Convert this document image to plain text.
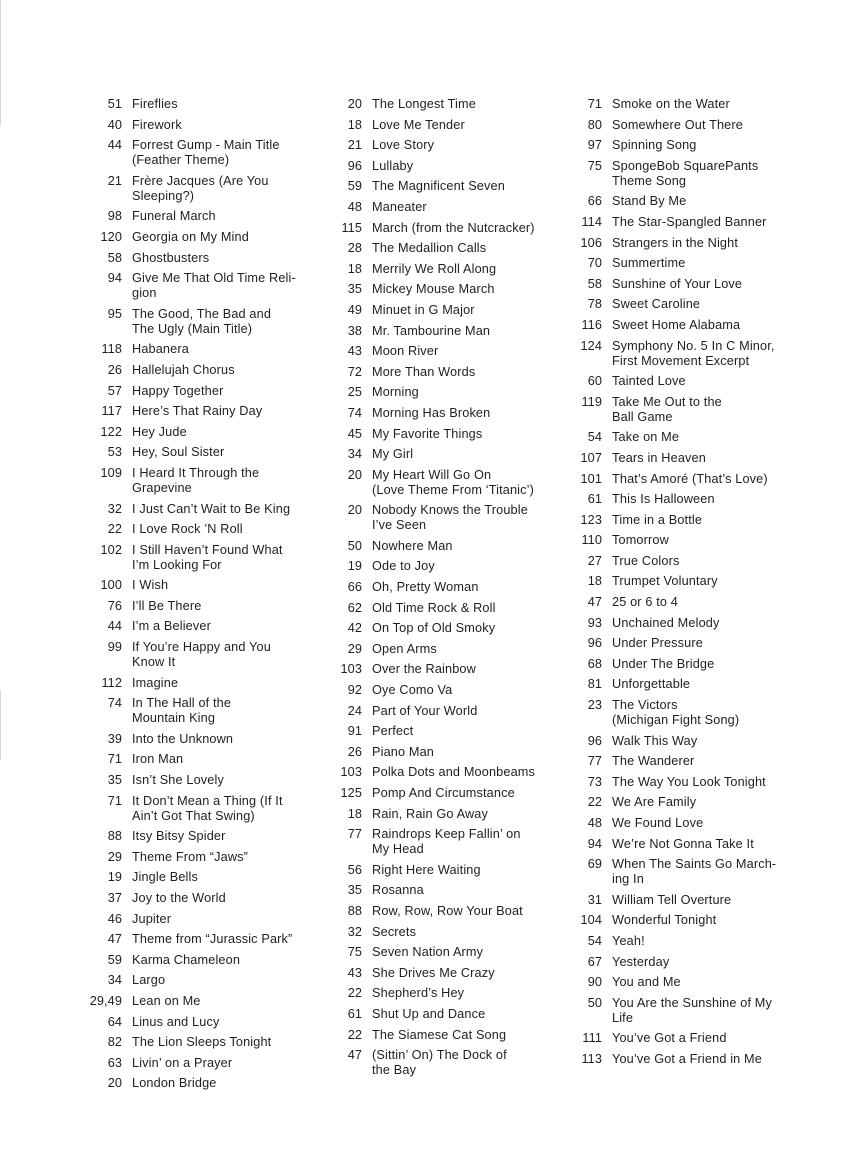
51 Fireflies
40 Firework
44 Forrest Gump - Main Title
(Feather Theme)
21 Frère Jacques (Are You
Sleeping?)
98 Funeral March
120 Georgia on My Mind
58 Ghostbusters
94 Give Me That Old Time Reli-
gion
95 The Good, The Bad and
The Ugly (Main Title)
118 Habanera
26 Hallelujah Chorus
57 Happy Together
117 Here’s That Rainy Day
122 Hey Jude
53 Hey, Soul Sister
109 I Heard It Through the
Grapevine
32 I Just Can’t Wait to Be King
22 I Love Rock ’N Roll
102 I Still Haven’t Found What
I’m Looking For
100 I Wish
76 I’ll Be There
44 I’m a Believer
99 If You’re Happy and You
Know It
112 Imagine
74 In The Hall of the
Mountain King
39 Into the Unknown
71 Iron Man
35 Isn’t She Lovely
71 It Don’t Mean a Thing (If It
Ain’t Got That Swing)
88 Itsy Bitsy Spider
29 Theme From “Jaws”
19 Jingle Bells
37 Joy to the World
46 Jupiter
47 Theme from “Jurassic Park”
59 Karma Chameleon
34 Largo
29,49 Lean on Me
64 Linus and Lucy
82 The Lion Sleeps Tonight
63 Livin’ on a Prayer
20 London Bridge
20 The Longest Time
18 Love Me Tender
21 Love Story
96 Lullaby
59 The Magnificent Seven
48 Maneater
115 March (from the Nutcracker)
28 The Medallion Calls
18 Merrily We Roll Along
35 Mickey Mouse March
49 Minuet in G Major
38 Mr. Tambourine Man
43 Moon River
72 More Than Words
25 Morning
74 Morning Has Broken
45 My Favorite Things
34 My Girl
20 My Heart Will Go On
(Love Theme From ‘Titanic’)
20 Nobody Knows the Trouble
I’ve Seen
50 Nowhere Man
19 Ode to Joy
66 Oh, Pretty Woman
62 Old Time Rock & Roll
42 On Top of Old Smoky
29 Open Arms
103 Over the Rainbow
92 Oye Como Va
24 Part of Your World
91 Perfect
26 Piano Man
103 Polka Dots and Moonbeams
125 Pomp And Circumstance
18 Rain, Rain Go Away
77 Raindrops Keep Fallin’ on
My Head
56 Right Here Waiting
35 Rosanna
88 Row, Row, Row Your Boat
32 Secrets
75 Seven Nation Army
43 She Drives Me Crazy
22 Shepherd’s Hey
61 Shut Up and Dance
22 The Siamese Cat Song
47 (Sittin’ On) The Dock of
the Bay
71 Smoke on the Water
80 Somewhere Out There
97 Spinning Song
75 SpongeBob SquarePants
Theme Song
66 Stand By Me
114 The Star-Spangled Banner
106 Strangers in the Night
70 Summertime
58 Sunshine of Your Love
78 Sweet Caroline
116 Sweet Home Alabama
124 Symphony No. 5 In C Minor,
First Movement Excerpt
60 Tainted Love
119 Take Me Out to the
Ball Game
54 Take on Me
107 Tears in Heaven
101 That’s Amoré (That’s Love)
61 This Is Halloween
123 Time in a Bottle
110 Tomorrow
27 True Colors
18 Trumpet Voluntary
47 25 or 6 to 4
93 Unchained Melody
96 Under Pressure
68 Under The Bridge
81 Unforgettable
23 The Victors
(Michigan Fight Song)
96 Walk This Way
77 The Wanderer
73 The Way You Look Tonight
22 We Are Family
48 We Found Love
94 We’re Not Gonna Take It
69 When The Saints Go March-
ing In
31 William Tell Overture
104 Wonderful Tonight
54 Yeah!
67 Yesterday
90 You and Me
50 You Are the Sunshine of My
Life
111 You’ve Got a Friend
113 You’ve Got a Friend in Me
